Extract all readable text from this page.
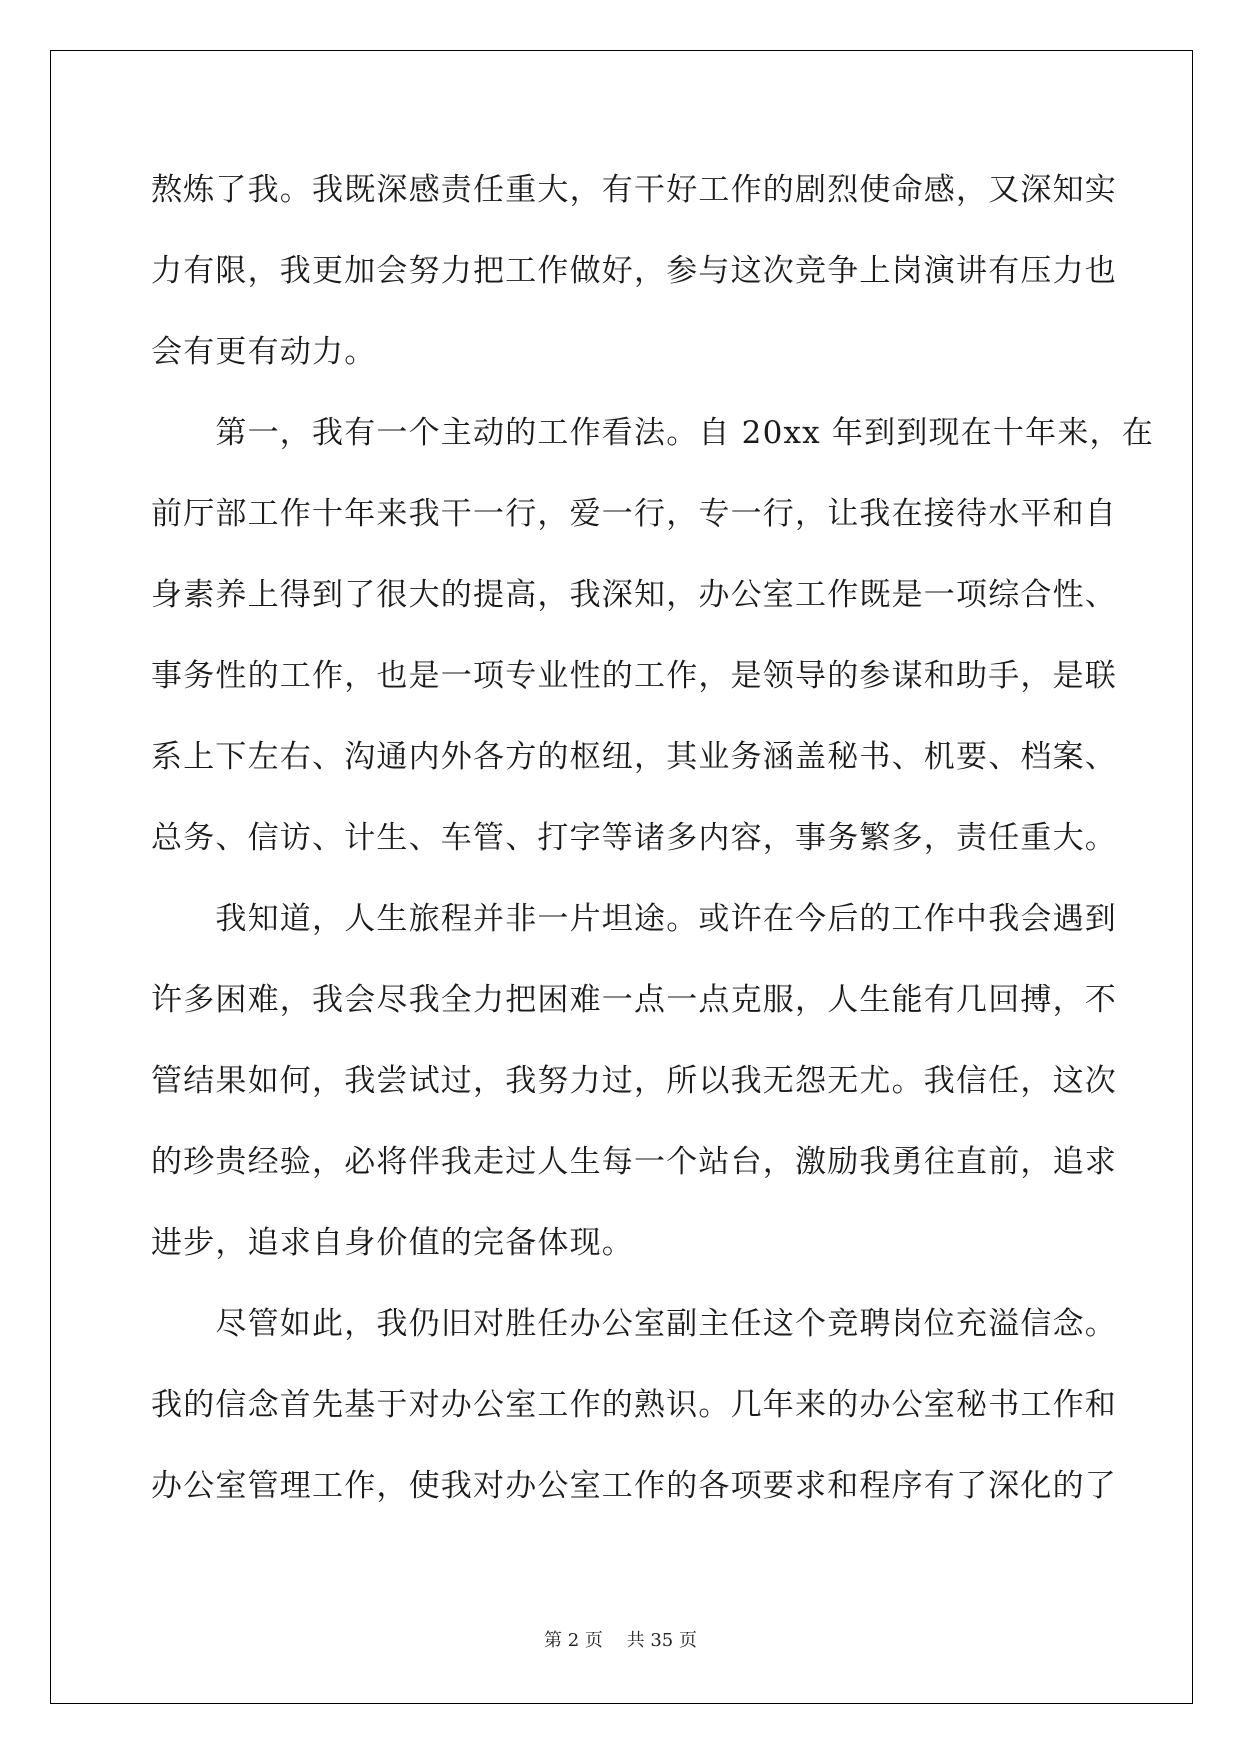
熬炼了我。我既深感责任重大，有干好工作的剧烈使命感，又深知实
力有限，我更加会努力把工作做好，参与这次竞争上岗演讲有压力也
会有更有动力。
　　第一，我有一个主动的工作看法。自 20xx 年到到现在十年来，在
前厅部工作十年来我干一行，爱一行，专一行，让我在接待水平和自
身素养上得到了很大的提高，我深知，办公室工作既是一项综合性、
事务性的工作，也是一项专业性的工作，是领导的参谋和助手，是联
系上下左右、沟通内外各方的枢纽，其业务涵盖秘书、机要、档案、
总务、信访、计生、车管、打字等诸多内容，事务繁多，责任重大。
　　我知道，人生旅程并非一片坦途。或许在今后的工作中我会遇到
许多困难，我会尽我全力把困难一点一点克服，人生能有几回搏，不
管结果如何，我尝试过，我努力过，所以我无怨无尤。我信任，这次
的珍贵经验，必将伴我走过人生每一个站台，激励我勇往直前，追求
进步，追求自身价值的完备体现。
　　尽管如此，我仍旧对胜任办公室副主任这个竞聘岗位充溢信念。
我的信念首先基于对办公室工作的熟识。几年来的办公室秘书工作和
办公室管理工作，使我对办公室工作的各项要求和程序有了深化的了
第 2 页　 共 35 页
